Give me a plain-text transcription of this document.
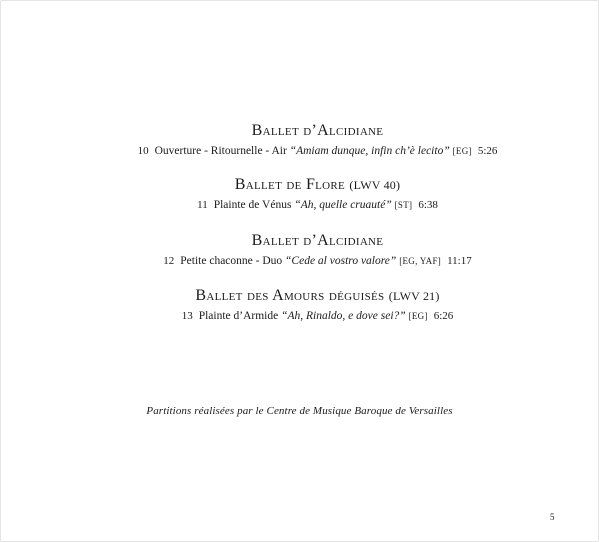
Ballet d’Alcidiane

10 Ouverture - Ritournelle - Air “Amiam dunque, infin ch’è lecito” [EG] 5:26

Ballet de Flore (LWV 40)

11 Plainte de Vénus “Ah, quelle cruauté” [ST] 6:38

Ballet d’Alcidiane

12 Petite chaconne - Duo “Cede al vostro valore” [EG, YAF] 11:17

Ballet des Amours déguisés (LWV 21)

13 Plainte d’Armide “Ah, Rinaldo, e dove sei?” [EG] 6:26

Partitions réalisées par le Centre de Musique Baroque de Versailles
5
